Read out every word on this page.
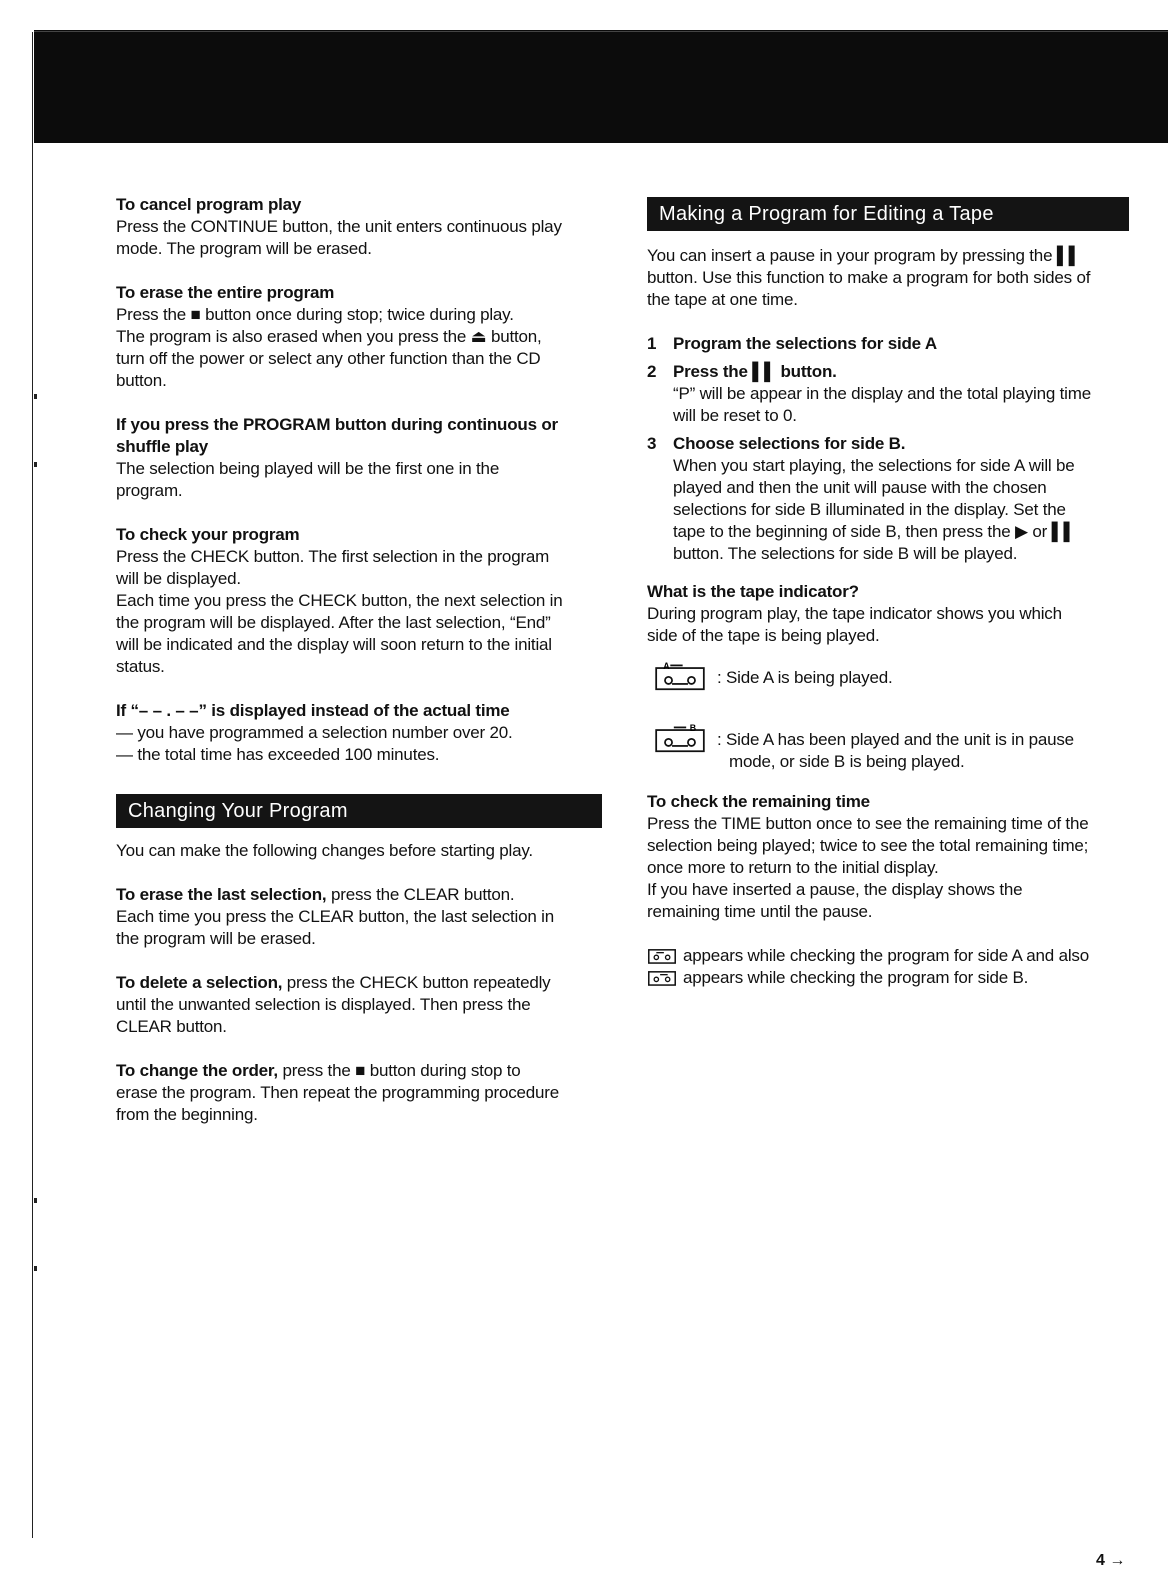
To cancel program play
Press the CONTINUE button, the unit enters continuous play
mode. The program will be erased.
To erase the entire program
Press the ■ button once during stop; twice during play.
The program is also erased when you press the ⏏ button,
turn off the power or select any other function than the CD
button.
If you press the PROGRAM button during continuous or
shuffle play
The selection being played will be the first one in the
program.
To check your program
Press the CHECK button. The first selection in the program
will be displayed.
Each time you press the CHECK button, the next selection in
the program will be displayed. After the last selection, “End”
will be indicated and the display will soon return to the initial
status.
If “– – . – –” is displayed instead of the actual time
— you have programmed a selection number over 20.
— the total time has exceeded 100 minutes.
Changing Your Program
You can make the following changes before starting play.
To erase the last selection, press the CLEAR button.
Each time you press the CLEAR button, the last selection in
the program will be erased.
To delete a selection, press the CHECK button repeatedly
until the unwanted selection is displayed. Then press the
CLEAR button.
To change the order, press the ■ button during stop to
erase the program. Then repeat the programming procedure
from the beginning.
Making a Program for Editing a Tape
You can insert a pause in your program by pressing the ▌▌
button. Use this function to make a program for both sides of
the tape at one time.
1 Program the selections for side A
2 Press the ▌▌ button.
“P” will be appear in the display and the total playing time
will be reset to 0.
3 Choose selections for side B.
When you start playing, the selections for side A will be
played and then the unit will pause with the chosen
selections for side B illuminated in the display. Set the
tape to the beginning of side B, then press the ▶ or ▌▌
button. The selections for side B will be played.
What is the tape indicator?
During program play, the tape indicator shows you which
side of the tape is being played.
A
: Side A is being played.
B
: Side A has been played and the unit is in pause
mode, or side B is being played.
To check the remaining time
Press the TIME button once to see the remaining time of the
selection being played; twice to see the total remaining time;
once more to return to the initial display.
If you have inserted a pause, the display shows the
remaining time until the pause.
appears while checking the program for side A and also
appears while checking the program for side B.
4 →
